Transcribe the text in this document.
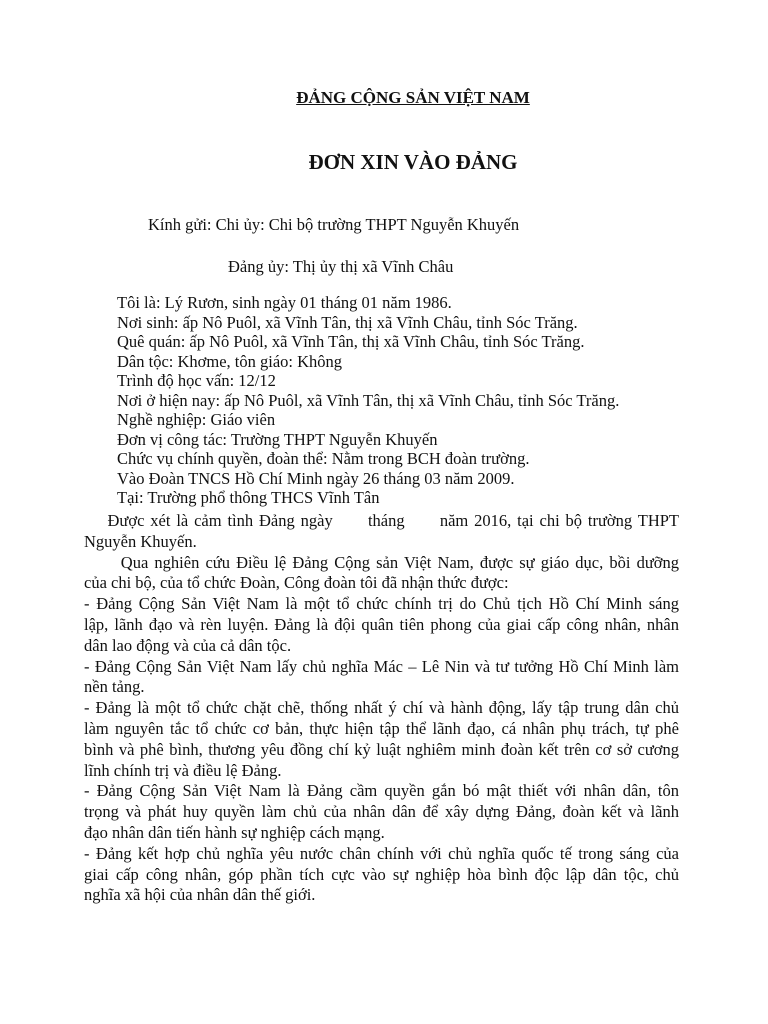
ĐẢNG CỘNG SẢN VIỆT NAM
ĐƠN XIN VÀO ĐẢNG
Kính gửi: Chi ủy: Chi bộ trường THPT Nguyễn Khuyến
Đảng ủy: Thị ủy thị xã Vĩnh Châu
Tôi là: Lý Rươn, sinh ngày 01 tháng 01 năm 1986.
Nơi sinh: ấp Nô Puôl, xã Vĩnh Tân, thị xã Vĩnh Châu, tỉnh Sóc Trăng.
Quê quán: ấp Nô Puôl, xã Vĩnh Tân, thị xã Vĩnh Châu, tỉnh Sóc Trăng.
Dân tộc: Khơme, tôn giáo: Không
Trình độ học vấn: 12/12
Nơi ở hiện nay: ấp Nô Puôl, xã Vĩnh Tân, thị xã Vĩnh Châu, tỉnh Sóc Trăng.
Nghề nghiệp: Giáo viên
Đơn vị công tác: Trường THPT Nguyễn Khuyến
Chức vụ chính quyền, đoàn thể: Nằm trong BCH đoàn trường.
Vào Đoàn TNCS Hồ Chí Minh ngày 26 tháng 03 năm 2009.
Tại: Trường phổ thông THCS Vĩnh Tân
Được xét là cảm tình Đảng ngày      tháng      năm 2016, tại chi bộ trường THPT
Nguyễn Khuyến.
Qua nghiên cứu Điều lệ Đảng Cộng sản Việt Nam, được sự giáo dục, bồi dưỡng
của chi bộ, của tổ chức Đoàn, Công đoàn tôi đã nhận thức được:
- Đảng Cộng Sản Việt Nam là một tổ chức chính trị do Chủ tịch Hồ Chí Minh sáng
lập, lãnh đạo và rèn luyện. Đảng là đội quân tiên phong của giai cấp công nhân, nhân
dân lao động và của cả dân tộc.
- Đảng Cộng Sản Việt Nam lấy chủ nghĩa Mác – Lê Nin và tư tưởng Hồ Chí Minh làm
nền tảng.
- Đảng là một tổ chức chặt chẽ, thống nhất ý chí và hành động, lấy tập trung dân chủ
làm nguyên tắc tổ chức cơ bản, thực hiện tập thể lãnh đạo, cá nhân phụ trách, tự phê
bình và phê bình, thương yêu đồng chí kỷ luật nghiêm minh đoàn kết trên cơ sở cương
lĩnh chính trị và điều lệ Đảng.
- Đảng Cộng Sản Việt Nam là Đảng cầm quyền gắn bó mật thiết với nhân dân, tôn
trọng và phát huy quyền làm chủ của nhân dân để xây dựng Đảng, đoàn kết và lãnh
đạo nhân dân tiến hành sự nghiệp cách mạng.
- Đảng kết hợp chủ nghĩa yêu nước chân chính với chủ nghĩa quốc tế trong sáng của
giai cấp công nhân, góp phần tích cực vào sự nghiệp hòa bình độc lập dân tộc, chủ
nghĩa xã hội của nhân dân thế giới.
